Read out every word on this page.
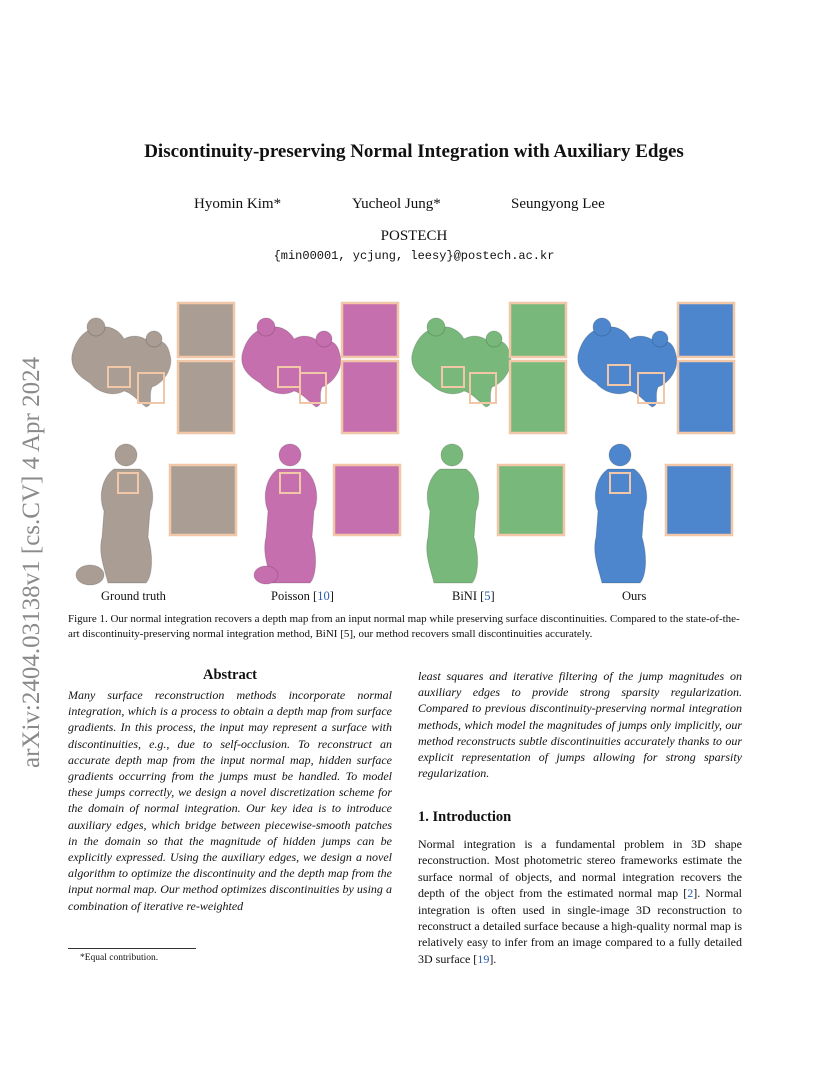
arXiv:2404.03138v1 [cs.CV] 4 Apr 2024
Discontinuity-preserving Normal Integration with Auxiliary Edges
Hyomin Kim*	Yucheol Jung*	Seungyong Lee
POSTECH
{min00001, ycjung, leesy}@postech.ac.kr
Ground truth	Poisson [10]	BiNI [5]	Ours
Figure 1. Our normal integration recovers a depth map from an input normal map while preserving surface discontinuities. Compared to the state-of-the-art discontinuity-preserving normal integration method, BiNI [5], our method recovers small discontinuities accurately.
Abstract
Many surface reconstruction methods incorporate normal integration, which is a process to obtain a depth map from surface gradients. In this process, the input may represent a surface with discontinuities, e.g., due to self-occlusion. To reconstruct an accurate depth map from the input normal map, hidden surface gradients occurring from the jumps must be handled. To model these jumps correctly, we design a novel discretization scheme for the domain of normal integration. Our key idea is to introduce auxiliary edges, which bridge between piecewise-smooth patches in the domain so that the magnitude of hidden jumps can be explicitly expressed. Using the auxiliary edges, we design a novel algorithm to optimize the discontinuity and the depth map from the input normal map. Our method optimizes discontinuities by using a combination of iterative re-weighted
least squares and iterative filtering of the jump magnitudes on auxiliary edges to provide strong sparsity regularization. Compared to previous discontinuity-preserving normal integration methods, which model the magnitudes of jumps only implicitly, our method reconstructs subtle discontinuities accurately thanks to our explicit representation of jumps allowing for strong sparsity regularization.
*Equal contribution.
1. Introduction
Normal integration is a fundamental problem in 3D shape reconstruction. Most photometric stereo frameworks estimate the surface normal of objects, and normal integration recovers the depth of the object from the estimated normal map [2]. Normal integration is often used in single-image 3D reconstruction to reconstruct a detailed surface because a high-quality normal map is relatively easy to infer from an image compared to a fully detailed 3D surface [19].
